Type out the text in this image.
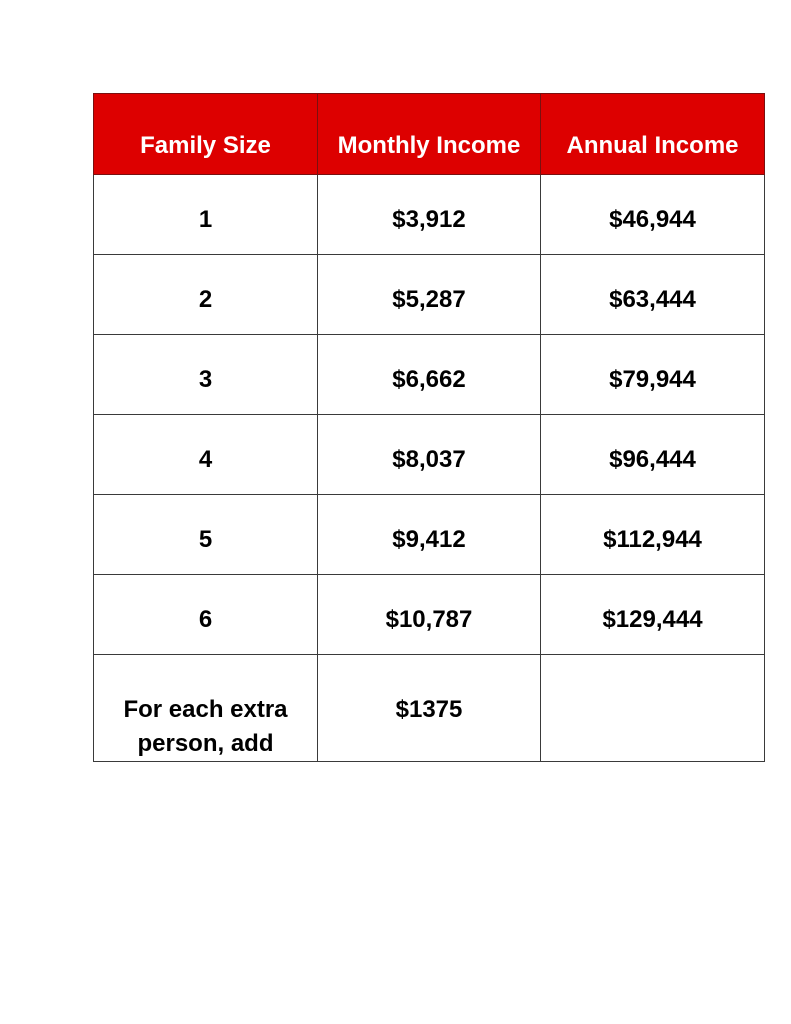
Family Size	Monthly Income	Annual Income
1	$3,912	$46,944
2	$5,287	$63,444
3	$6,662	$79,944
4	$8,037	$96,444
5	$9,412	$112,944
6	$10,787	$129,444
For each extra person, add	$1375	
